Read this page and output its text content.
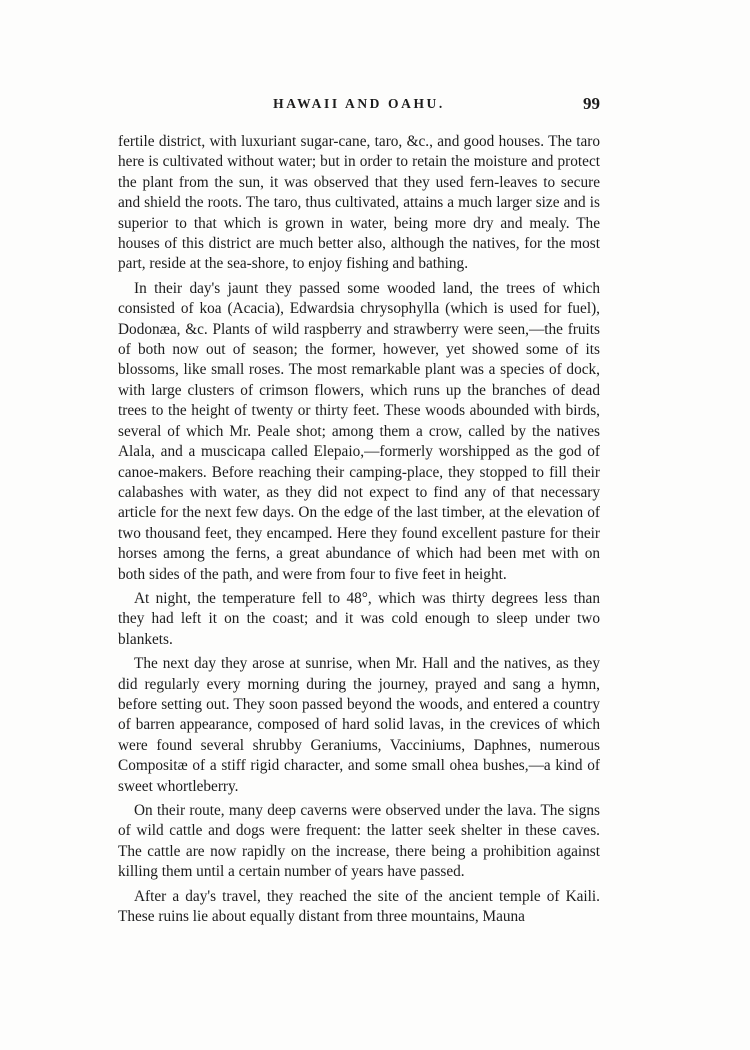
HAWAII AND OAHU.	99

fertile district, with luxuriant sugar-cane, taro, &c., and good houses. The taro here is cultivated without water; but in order to retain the moisture and protect the plant from the sun, it was observed that they used fern-leaves to secure and shield the roots. The taro, thus cultivated, attains a much larger size and is superior to that which is grown in water, being more dry and mealy. The houses of this district are much better also, although the natives, for the most part, reside at the sea-shore, to enjoy fishing and bathing.

In their day's jaunt they passed some wooded land, the trees of which consisted of koa (Acacia), Edwardsia chrysophylla (which is used for fuel), Dodonæa, &c. Plants of wild raspberry and strawberry were seen,—the fruits of both now out of season; the former, however, yet showed some of its blossoms, like small roses. The most remarkable plant was a species of dock, with large clusters of crimson flowers, which runs up the branches of dead trees to the height of twenty or thirty feet. These woods abounded with birds, several of which Mr. Peale shot; among them a crow, called by the natives Alala, and a muscicapa called Elepaio,—formerly worshipped as the god of canoe-makers. Before reaching their camping-place, they stopped to fill their calabashes with water, as they did not expect to find any of that necessary article for the next few days. On the edge of the last timber, at the elevation of two thousand feet, they encamped. Here they found excellent pasture for their horses among the ferns, a great abundance of which had been met with on both sides of the path, and were from four to five feet in height.

At night, the temperature fell to 48°, which was thirty degrees less than they had left it on the coast; and it was cold enough to sleep under two blankets.

The next day they arose at sunrise, when Mr. Hall and the natives, as they did regularly every morning during the journey, prayed and sang a hymn, before setting out. They soon passed beyond the woods, and entered a country of barren appearance, composed of hard solid lavas, in the crevices of which were found several shrubby Geraniums, Vacciniums, Daphnes, numerous Compositæ of a stiff rigid character, and some small ohea bushes,—a kind of sweet whortleberry.

On their route, many deep caverns were observed under the lava. The signs of wild cattle and dogs were frequent: the latter seek shelter in these caves. The cattle are now rapidly on the increase, there being a prohibition against killing them until a certain number of years have passed.

After a day's travel, they reached the site of the ancient temple of Kaili. These ruins lie about equally distant from three mountains, Mauna
